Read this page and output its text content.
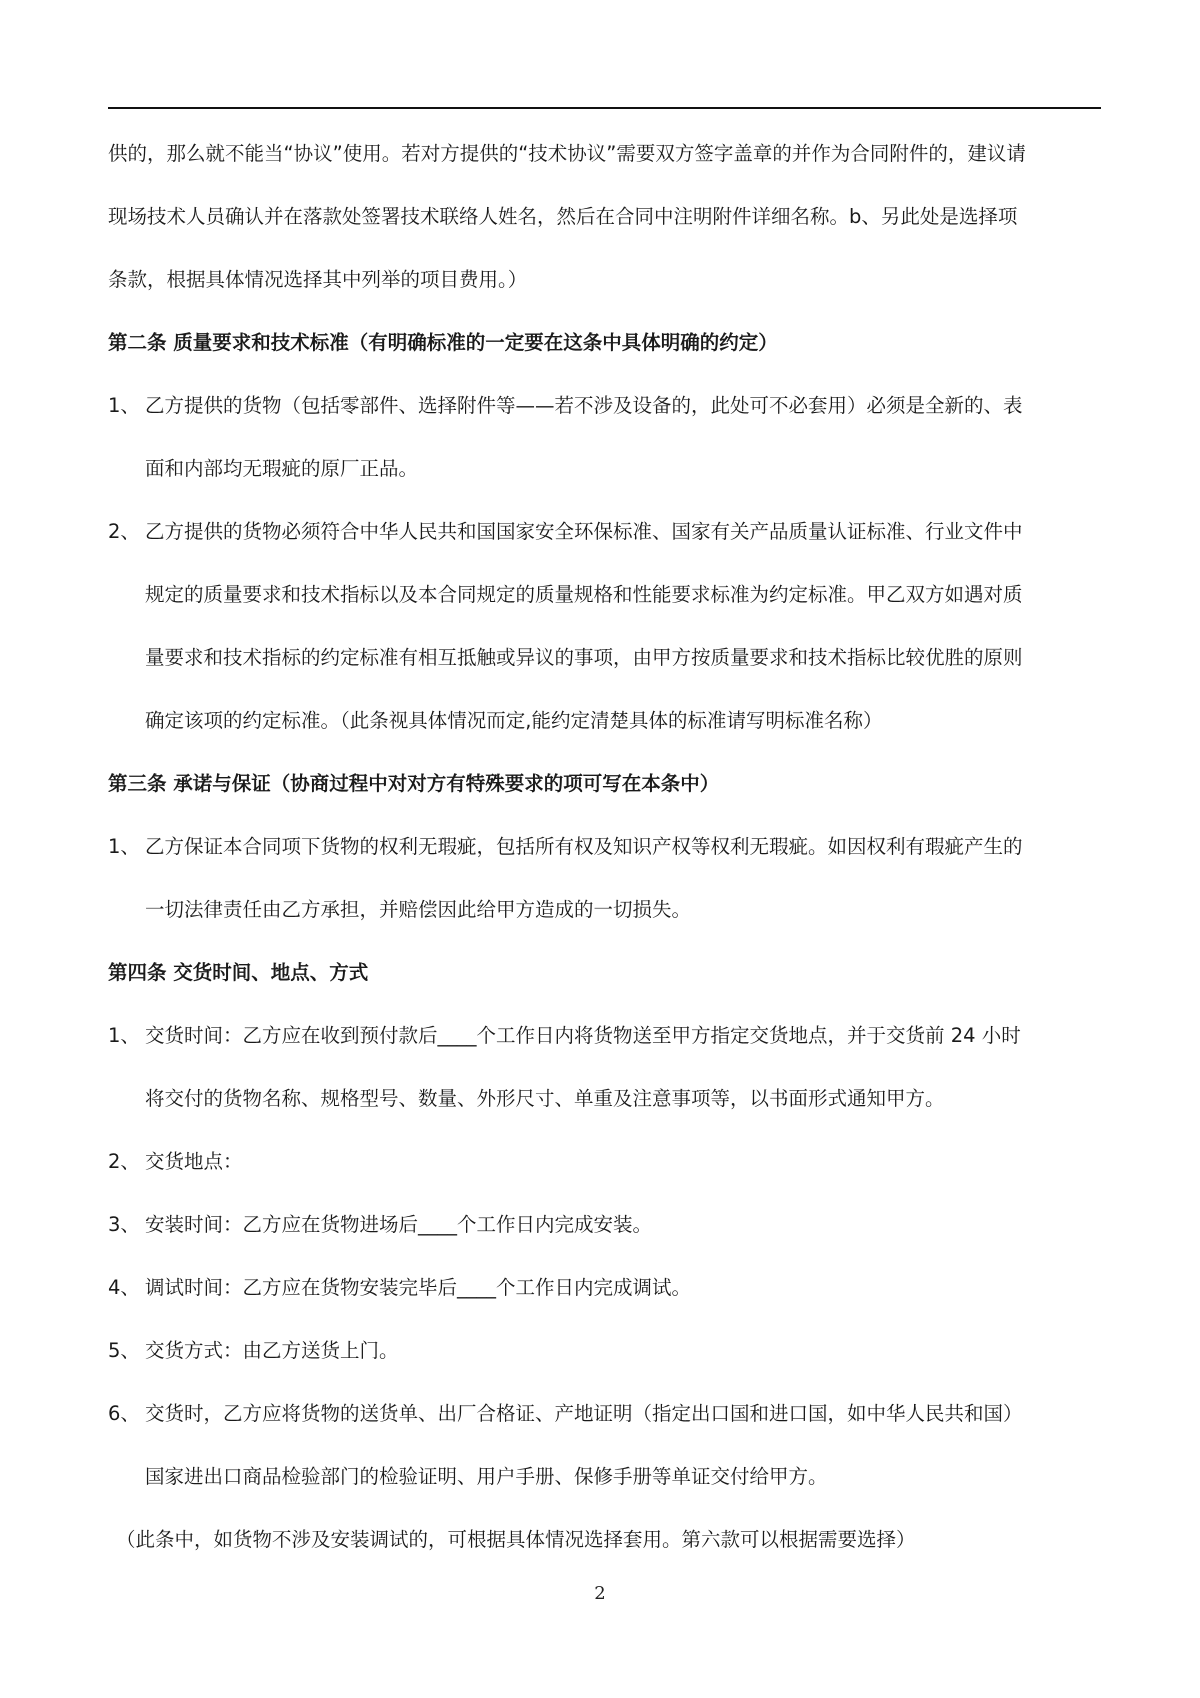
供的，那么就不能当“协议”使用。若对方提供的“技术协议”需要双方签字盖章的并作为合同附件的，建议请
现场技术人员确认并在落款处签署技术联络人姓名，然后在合同中注明附件详细名称。b、另此处是选择项
条款，根据具体情况选择其中列举的项目费用。）
第二条 质量要求和技术标准（有明确标准的一定要在这条中具体明确的约定）
1、 乙方提供的货物（包括零部件、选择附件等——若不涉及设备的，此处可不必套用）必须是全新的、表
面和内部均无瑕疵的原厂正品。
2、 乙方提供的货物必须符合中华人民共和国国家安全环保标准、国家有关产品质量认证标准、行业文件中
规定的质量要求和技术指标以及本合同规定的质量规格和性能要求标准为约定标准。甲乙双方如遇对质
量要求和技术指标的约定标准有相互抵触或异议的事项，由甲方按质量要求和技术指标比较优胜的原则
确定该项的约定标准。（此条视具体情况而定,能约定清楚具体的标准请写明标准名称）
第三条 承诺与保证（协商过程中对对方有特殊要求的项可写在本条中）
1、 乙方保证本合同项下货物的权利无瑕疵，包括所有权及知识产权等权利无瑕疵。如因权利有瑕疵产生的
一切法律责任由乙方承担，并赔偿因此给甲方造成的一切损失。
第四条 交货时间、地点、方式
1、 交货时间：乙方应在收到预付款后____个工作日内将货物送至甲方指定交货地点，并于交货前 24 小时
将交付的货物名称、规格型号、数量、外形尺寸、单重及注意事项等，以书面形式通知甲方。
2、 交货地点：
3、 安装时间：乙方应在货物进场后____个工作日内完成安装。
4、 调试时间：乙方应在货物安装完毕后____个工作日内完成调试。
5、 交货方式：由乙方送货上门。
6、 交货时，乙方应将货物的送货单、出厂合格证、产地证明（指定出口国和进口国，如中华人民共和国）
国家进出口商品检验部门的检验证明、用户手册、保修手册等单证交付给甲方。
（此条中，如货物不涉及安装调试的，可根据具体情况选择套用。第六款可以根据需要选择）
2
